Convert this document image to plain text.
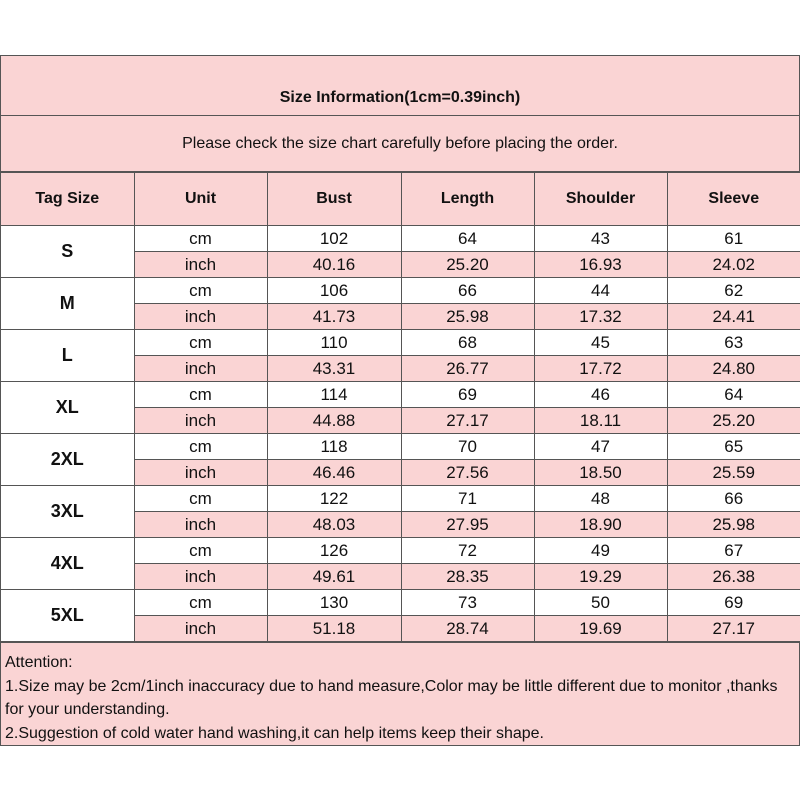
Size Information(1cm=0.39inch)
Please check the size chart carefully before placing the order.
Tag Size	Unit	Bust	Length	Shoulder	Sleeve
S	cm	102	64	43	61
	inch	40.16	25.20	16.93	24.02
M	cm	106	66	44	62
	inch	41.73	25.98	17.32	24.41
L	cm	110	68	45	63
	inch	43.31	26.77	17.72	24.80
XL	cm	114	69	46	64
	inch	44.88	27.17	18.11	25.20
2XL	cm	118	70	47	65
	inch	46.46	27.56	18.50	25.59
3XL	cm	122	71	48	66
	inch	48.03	27.95	18.90	25.98
4XL	cm	126	72	49	67
	inch	49.61	28.35	19.29	26.38
5XL	cm	130	73	50	69
	inch	51.18	28.74	19.69	27.17
Attention:
1.Size may be 2cm/1inch inaccuracy due to hand measure,Color may be little different due to monitor ,thanks for your understanding.
2.Suggestion of cold water hand washing,it can help items keep their shape.
